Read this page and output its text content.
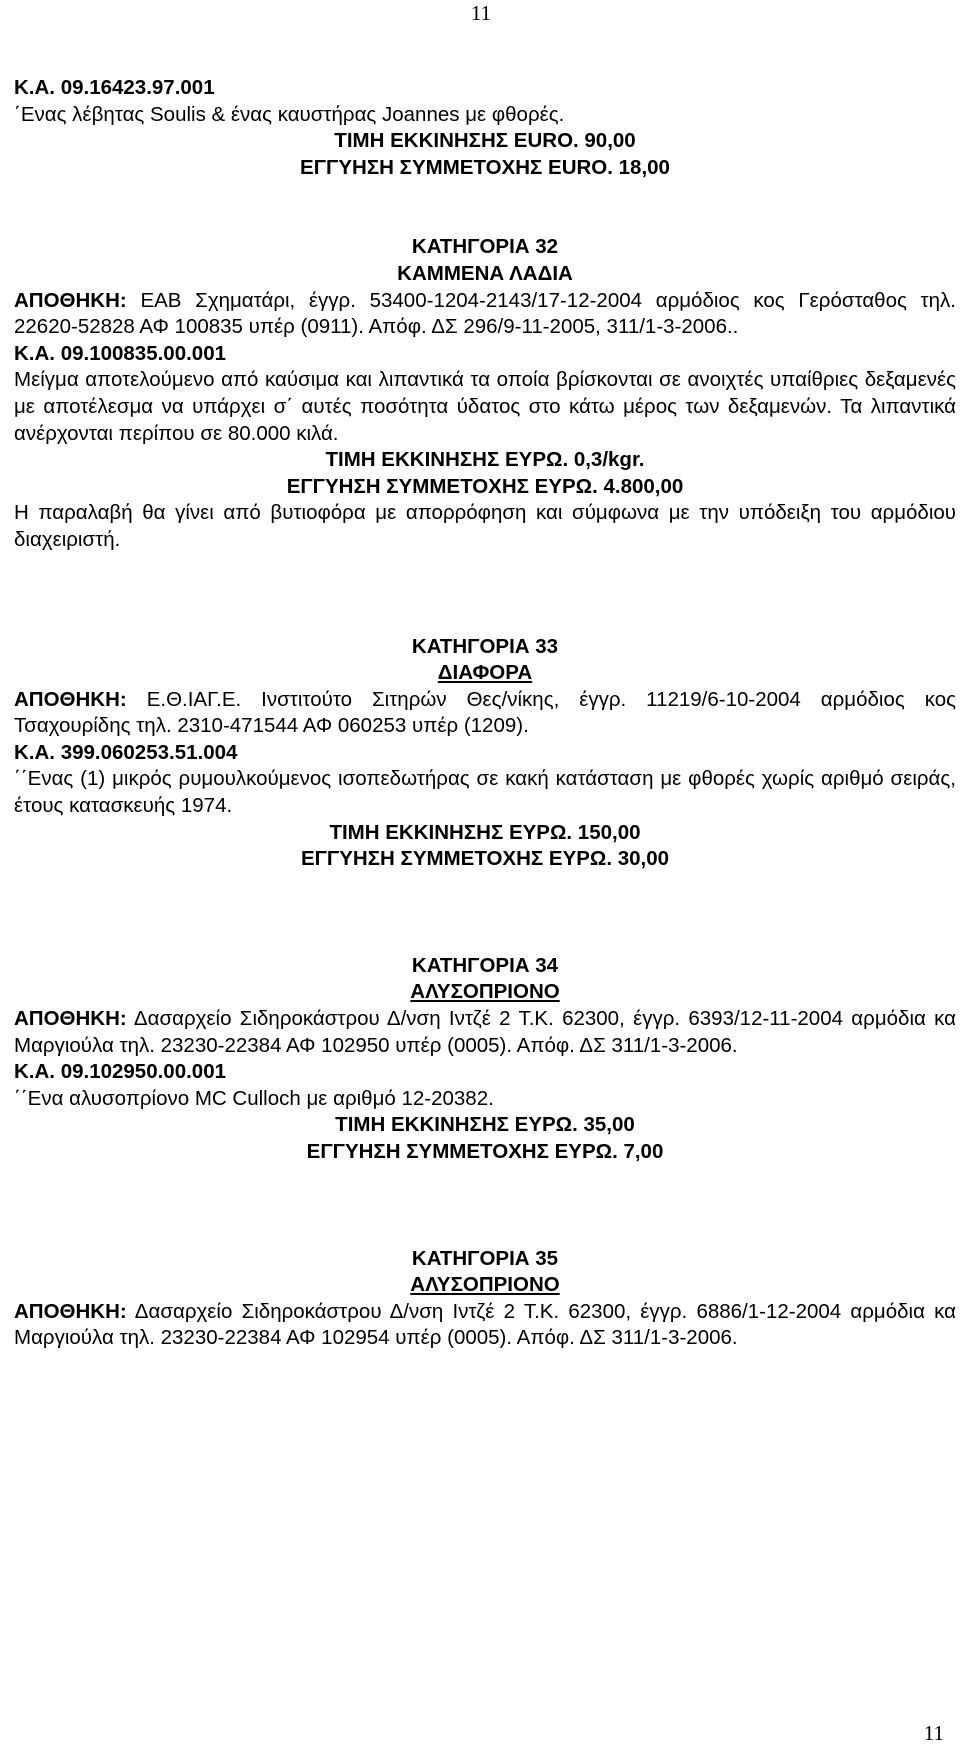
11

Κ.Α. 09.16423.97.001

΄Ενας λέβητας Soulis & ένας καυστήρας Joannes με φθορές.

ΤΙΜΗ ΕΚΚΙΝΗΣΗΣ EURO. 90,00

ΕΓΓΥΗΣΗ ΣΥΜΜΕΤΟΧΗΣ EURO. 18,00

ΚΑΤΗΓΟΡΙΑ 32

ΚΑΜΜΕΝΑ ΛΑΔΙΑ

ΑΠΟΘΗΚΗ: ΕΑΒ Σχηματάρι, έγγρ. 53400-1204-2143/17-12-2004 αρμόδιος κος Γερόσταθος τηλ. 22620-52828 ΑΦ 100835 υπέρ (0911). Απόφ. ΔΣ 296/9-11-2005, 311/1-3-2006..

Κ.Α. 09.100835.00.001

Μείγμα αποτελούμενο από καύσιμα και λιπαντικά τα οποία βρίσκονται σε ανοιχτές υπαίθριες δεξαμενές με αποτέλεσμα να υπάρχει σ΄ αυτές ποσότητα ύδατος στο κάτω μέρος των δεξαμενών. Τα λιπαντικά ανέρχονται περίπου σε 80.000 κιλά.

ΤΙΜΗ ΕΚΚΙΝΗΣΗΣ ΕΥΡΩ. 0,3/kgr.

ΕΓΓΥΗΣΗ ΣΥΜΜΕΤΟΧΗΣ ΕΥΡΩ. 4.800,00

Η παραλαβή θα γίνει από βυτιοφόρα με απορρόφηση και σύμφωνα με την υπόδειξη του αρμόδιου διαχειριστή.

ΚΑΤΗΓΟΡΙΑ 33

ΔΙΑΦΟΡΑ

ΑΠΟΘΗΚΗ: Ε.Θ.ΙΑΓ.Ε. Ινστιτούτο Σιτηρών Θες/νίκης, έγγρ. 11219/6-10-2004 αρμόδιος κος Τσαχουρίδης τηλ. 2310-471544 ΑΦ 060253 υπέρ (1209).

Κ.Α. 399.060253.51.004

΄΄Ενας (1) μικρός ρυμουλκούμενος ισοπεδωτήρας σε κακή κατάσταση με φθορές χωρίς αριθμό σειράς, έτους κατασκευής 1974.

ΤΙΜΗ ΕΚΚΙΝΗΣΗΣ ΕΥΡΩ. 150,00

ΕΓΓΥΗΣΗ ΣΥΜΜΕΤΟΧΗΣ ΕΥΡΩ. 30,00

ΚΑΤΗΓΟΡΙΑ 34

ΑΛΥΣΟΠΡΙΟΝΟ

ΑΠΟΘΗΚΗ: Δασαρχείο Σιδηροκάστρου Δ/νση Ιντζέ 2 Τ.Κ. 62300, έγγρ. 6393/12-11-2004 αρμόδια κα Μαργιούλα τηλ. 23230-22384 ΑΦ 102950 υπέρ (0005). Απόφ. ΔΣ 311/1-3-2006.

Κ.Α. 09.102950.00.001

΄΄Ενα αλυσοπρίονο MC Culloch με αριθμό 12-20382.

ΤΙΜΗ ΕΚΚΙΝΗΣΗΣ ΕΥΡΩ. 35,00

ΕΓΓΥΗΣΗ ΣΥΜΜΕΤΟΧΗΣ ΕΥΡΩ. 7,00

ΚΑΤΗΓΟΡΙΑ 35

ΑΛΥΣΟΠΡΙΟΝΟ

ΑΠΟΘΗΚΗ: Δασαρχείο Σιδηροκάστρου Δ/νση Ιντζέ 2 Τ.Κ. 62300, έγγρ. 6886/1-12-2004 αρμόδια κα Μαργιούλα τηλ. 23230-22384 ΑΦ 102954 υπέρ (0005). Απόφ. ΔΣ 311/1-3-2006.

11
